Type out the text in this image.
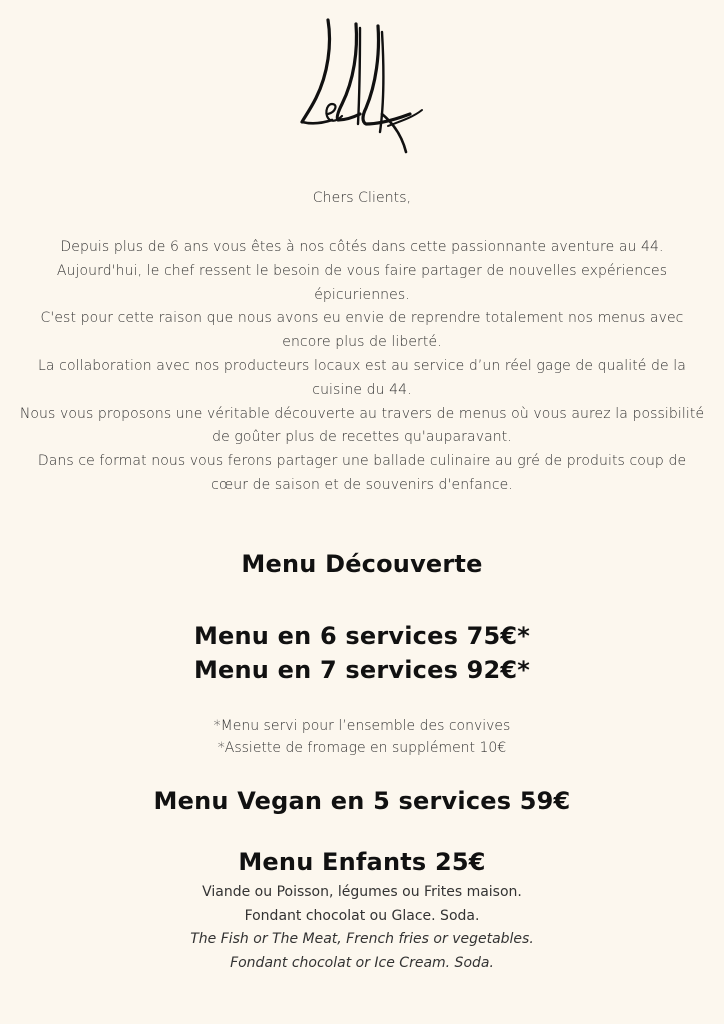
Chers Clients,
Depuis plus de 6 ans vous êtes à nos côtés dans cette passionnante aventure au 44.
Aujourd'hui, le chef ressent le besoin de vous faire partager de nouvelles expériences
épicuriennes.
C'est pour cette raison que nous avons eu envie de reprendre totalement nos menus avec
encore plus de liberté.
La collaboration avec nos producteurs locaux est au service d’un réel gage de qualité de la
cuisine du 44.
Nous vous proposons une véritable découverte au travers de menus où vous aurez la possibilité
de goûter plus de recettes qu'auparavant.
Dans ce format nous vous ferons partager une ballade culinaire au gré de produits coup de
cœur de saison et de souvenirs d'enfance.
Menu Découverte
Menu en 6 services 75€*
Menu en 7 services 92€*
*Menu servi pour l’ensemble des convives
*Assiette de fromage en supplément 10€
Menu Vegan en 5 services 59€
Menu Enfants 25€
Viande ou Poisson, légumes ou Frites maison.
Fondant chocolat ou Glace. Soda.
The Fish or The Meat, French fries or vegetables.
Fondant chocolat or Ice Cream. Soda.
